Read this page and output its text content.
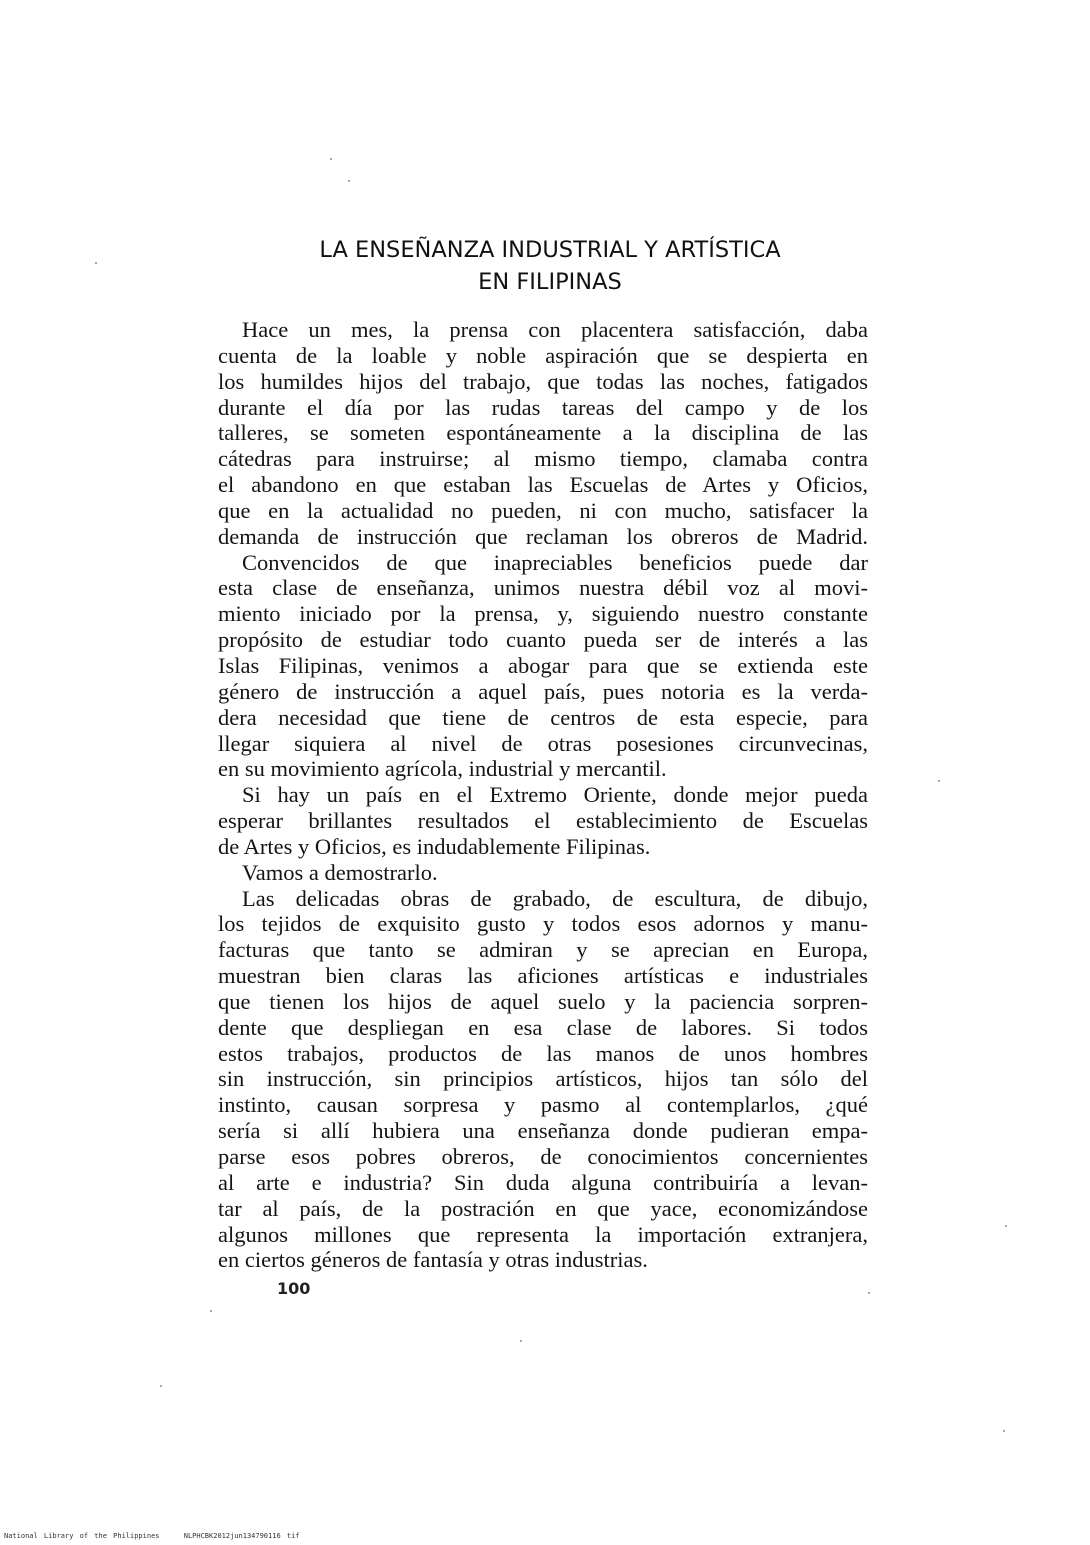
LA ENSEÑANZA INDUSTRIAL Y ARTÍSTICA
EN FILIPINAS
Hace un mes, la prensa con placentera satisfacción, daba
cuenta de la loable y noble aspiración que se despierta en
los humildes hijos del trabajo, que todas las noches, fatigados
durante el día por las rudas tareas del campo y de los
talleres, se someten espontáneamente a la disciplina de las
cátedras para instruirse; al mismo tiempo, clamaba contra
el abandono en que estaban las Escuelas de Artes y Oficios,
que en la actualidad no pueden, ni con mucho, satisfacer la
demanda de instrucción que reclaman los obreros de Madrid.
Convencidos de que inapreciables beneficios puede dar
esta clase de enseñanza, unimos nuestra débil voz al movi-
miento iniciado por la prensa, y, siguiendo nuestro constante
propósito de estudiar todo cuanto pueda ser de interés a las
Islas Filipinas, venimos a abogar para que se extienda este
género de instrucción a aquel país, pues notoria es la verda-
dera necesidad que tiene de centros de esta especie, para
llegar siquiera al nivel de otras posesiones circunvecinas,
en su movimiento agrícola, industrial y mercantil.
Si hay un país en el Extremo Oriente, donde mejor pueda
esperar brillantes resultados el establecimiento de Escuelas
de Artes y Oficios, es indudablemente Filipinas.
Vamos a demostrarlo.
Las delicadas obras de grabado, de escultura, de dibujo,
los tejidos de exquisito gusto y todos esos adornos y manu-
facturas que tanto se admiran y se aprecian en Europa,
muestran bien claras las aficiones artísticas e industriales
que tienen los hijos de aquel suelo y la paciencia sorpren-
dente que despliegan en esa clase de labores. Si todos
estos trabajos, productos de las manos de unos hombres
sin instrucción, sin principios artísticos, hijos tan sólo del
instinto, causan sorpresa y pasmo al contemplarlos, ¿qué
sería si allí hubiera una enseñanza donde pudieran empa-
parse esos pobres obreros, de conocimientos concernientes
al arte e industria? Sin duda alguna contribuiría a levan-
tar al país, de la postración en que yace, economizándose
algunos millones que representa la importación extranjera,
en ciertos géneros de fantasía y otras industrias.
100
National Library of the Philippines	NLPHCBK2012jun134790116 tif
